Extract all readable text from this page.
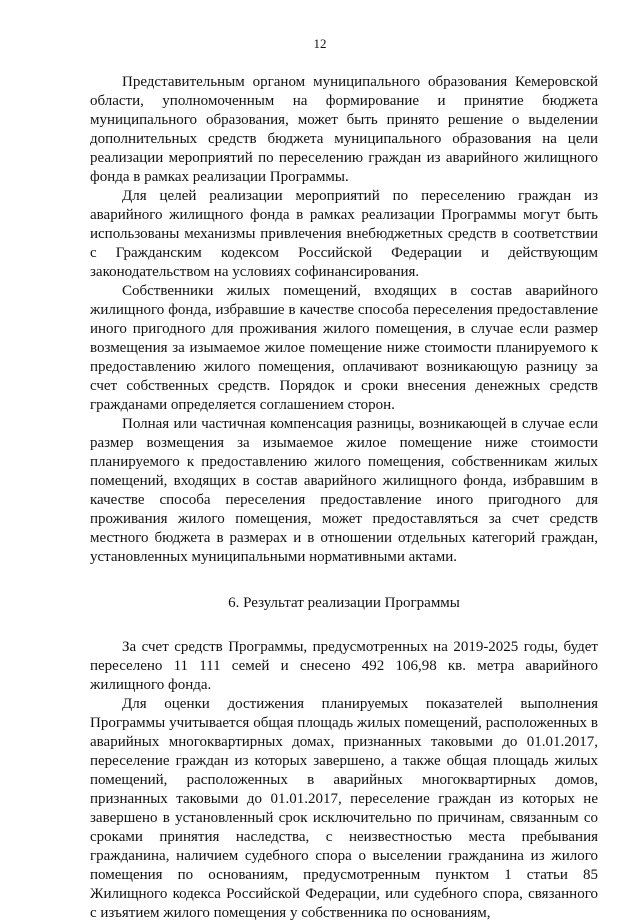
12

Представительным органом муниципального образования Кемеровской области, уполномоченным на формирование и принятие бюджета муниципального образования, может быть принято решение о выделении дополнительных средств бюджета муниципального образования на цели реализации мероприятий по переселению граждан из аварийного жилищного фонда в рамках реализации Программы.

Для целей реализации мероприятий по переселению граждан из аварийного жилищного фонда в рамках реализации Программы могут быть использованы механизмы привлечения внебюджетных средств в соответствии с Гражданским кодексом Российской Федерации и действующим законодательством на условиях софинансирования.

Собственники жилых помещений, входящих в состав аварийного жилищного фонда, избравшие в качестве способа переселения предоставление иного пригодного для проживания жилого помещения, в случае если размер возмещения за изымаемое жилое помещение ниже стоимости планируемого к предоставлению жилого помещения, оплачивают возникающую разницу за счет собственных средств. Порядок и сроки внесения денежных средств гражданами определяется соглашением сторон.

Полная или частичная компенсация разницы, возникающей в случае если размер возмещения за изымаемое жилое помещение ниже стоимости планируемого к предоставлению жилого помещения, собственникам жилых помещений, входящих в состав аварийного жилищного фонда, избравшим в качестве способа переселения предоставление иного пригодного для проживания жилого помещения, может предоставляться за счет средств местного бюджета в размерах и в отношении отдельных категорий граждан, установленных муниципальными нормативными актами.

6. Результат реализации Программы

За счет средств Программы, предусмотренных на 2019-2025 годы, будет переселено 11 111 семей и снесено 492 106,98 кв. метра аварийного жилищного фонда.

Для оценки достижения планируемых показателей выполнения Программы учитывается общая площадь жилых помещений, расположенных в аварийных многоквартирных домах, признанных таковыми до 01.01.2017, переселение граждан из которых завершено, а также общая площадь жилых помещений, расположенных в аварийных многоквартирных домов, признанных таковыми до 01.01.2017, переселение граждан из которых не завершено в установленный срок исключительно по причинам, связанным со сроками принятия наследства, с неизвестностью места пребывания гражданина, наличием судебного спора о выселении гражданина из жилого помещения по основаниям, предусмотренным пунктом 1 статьи 85 Жилищного кодекса Российской Федерации, или судебного спора, связанного с изъятием жилого помещения у собственника по основаниям,
